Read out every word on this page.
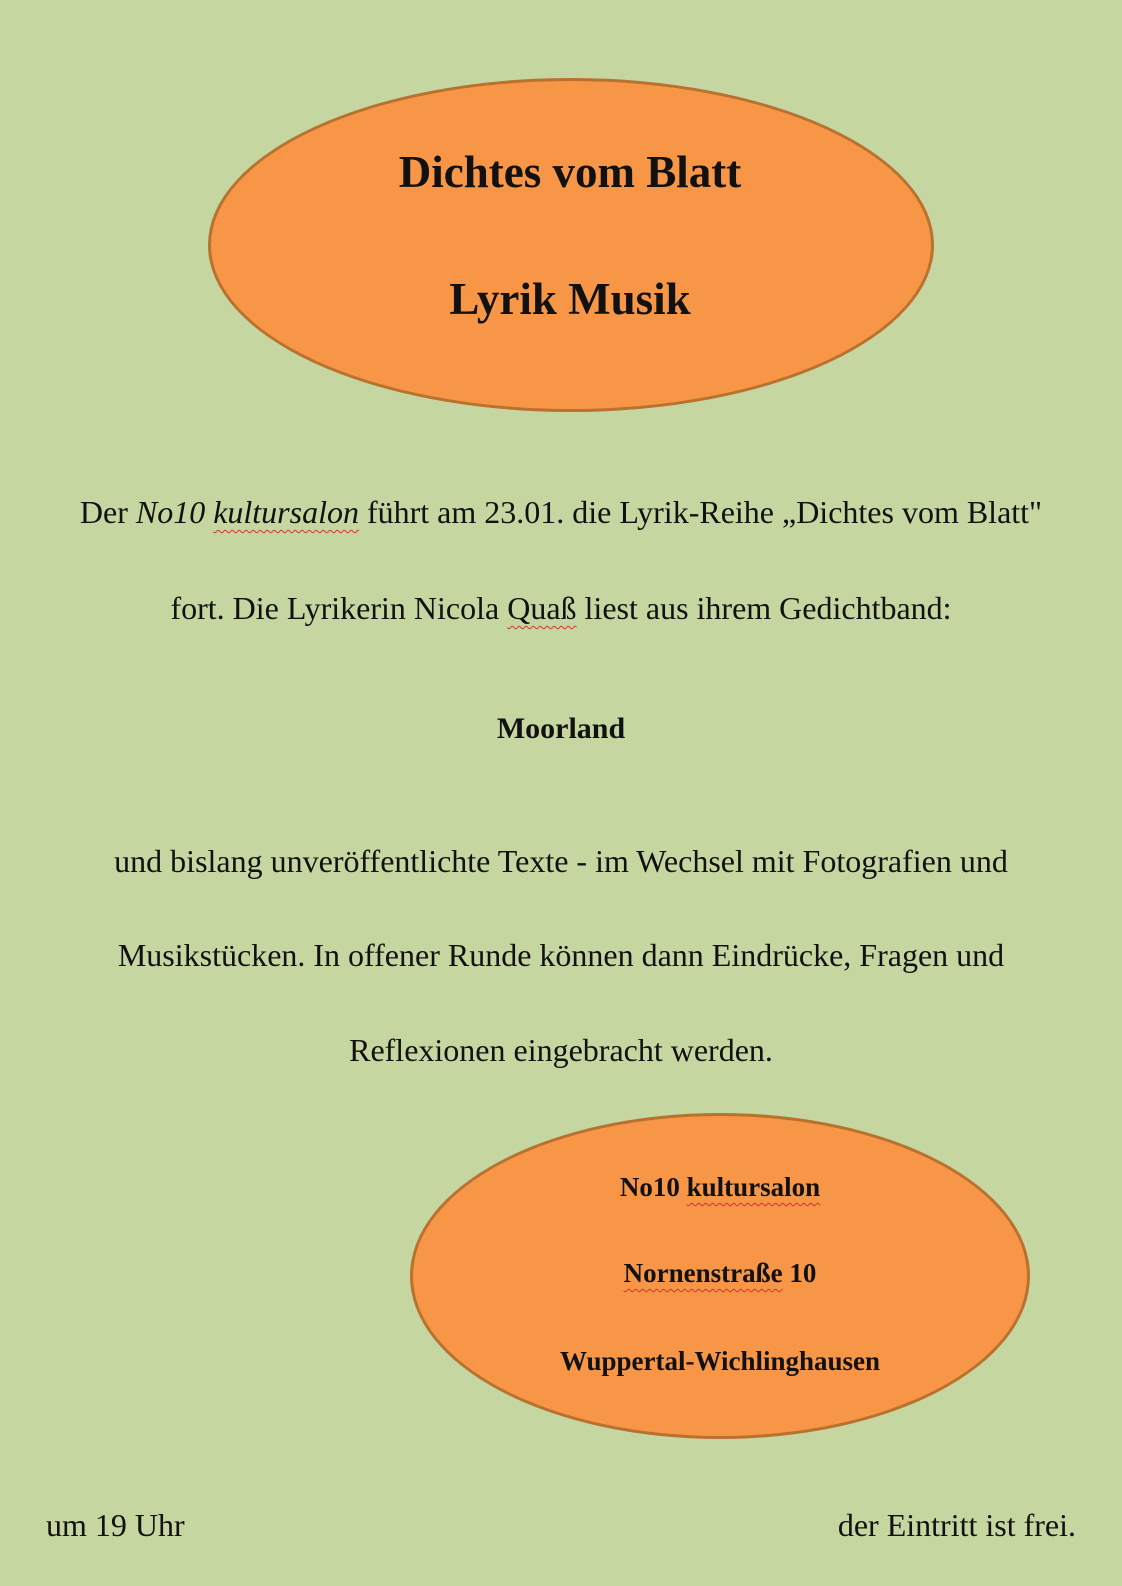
Dichtes vom Blatt
Lyrik Musik
Der No10 kultursalon führt am 23.01. die Lyrik-Reihe „Dichtes vom Blatt"
fort. Die Lyrikerin Nicola Quaß liest aus ihrem Gedichtband:
Moorland
und bislang unveröffentlichte Texte - im Wechsel mit Fotografien und
Musikstücken. In offener Runde können dann Eindrücke, Fragen und
Reflexionen eingebracht werden.
No10 kultursalon
Nornenstraße 10
Wuppertal-Wichlinghausen
um 19 Uhr	der Eintritt ist frei.
